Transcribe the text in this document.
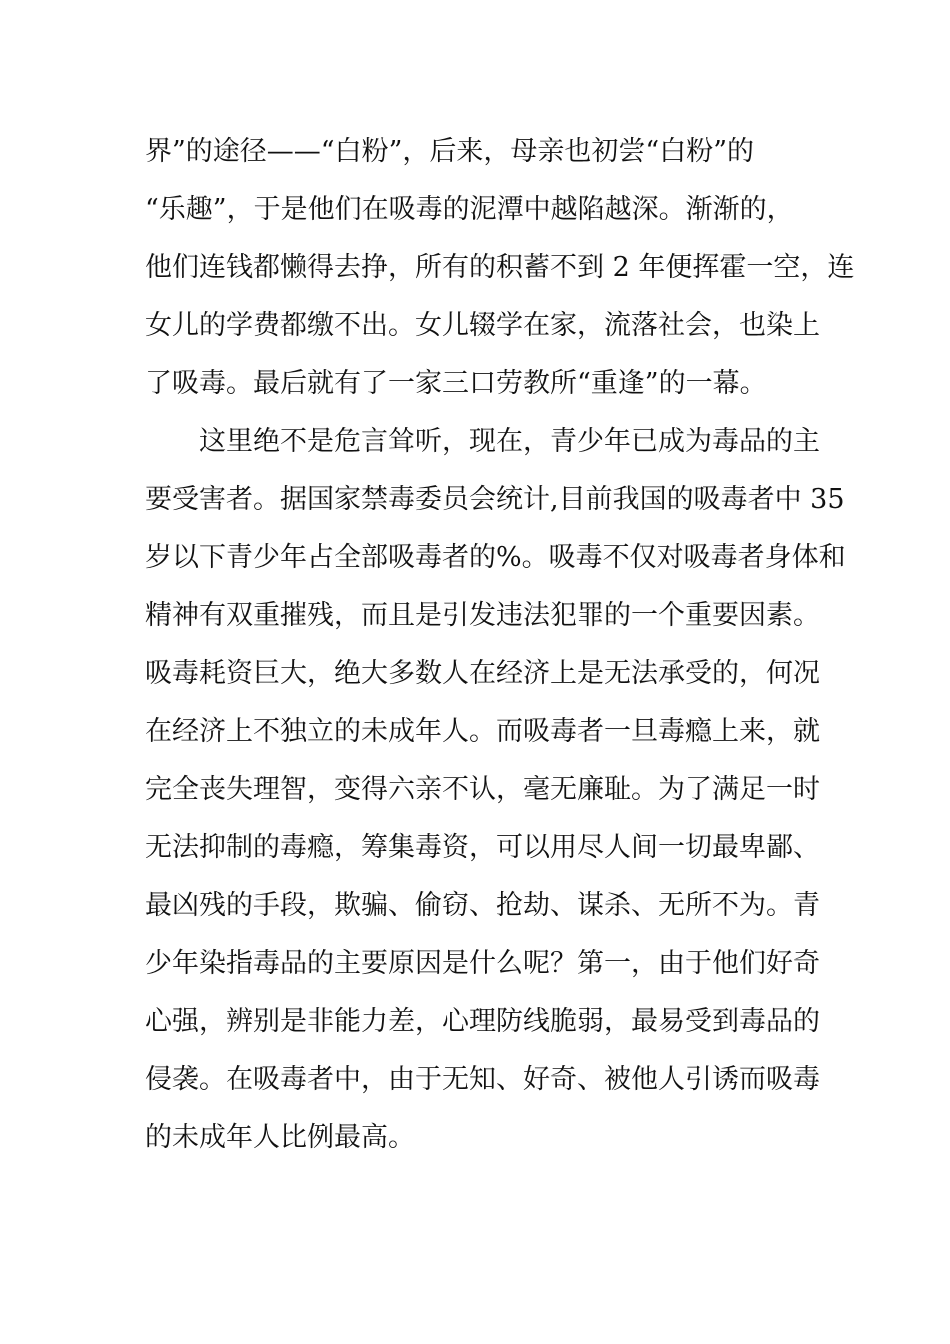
界”的途径——“白粉”，后来，母亲也初尝“白粉”的
“乐趣”，于是他们在吸毒的泥潭中越陷越深。渐渐的，
他们连钱都懒得去挣，所有的积蓄不到 2 年便挥霍一空，连
女儿的学费都缴不出。女儿辍学在家，流落社会，也染上
了吸毒。最后就有了一家三口劳教所“重逢”的一幕。
这里绝不是危言耸听，现在，青少年已成为毒品的主
要受害者。据国家禁毒委员会统计,目前我国的吸毒者中 35
岁以下青少年占全部吸毒者的%。吸毒不仅对吸毒者身体和
精神有双重摧残，而且是引发违法犯罪的一个重要因素。
吸毒耗资巨大，绝大多数人在经济上是无法承受的，何况
在经济上不独立的未成年人。而吸毒者一旦毒瘾上来，就
完全丧失理智，变得六亲不认，毫无廉耻。为了满足一时
无法抑制的毒瘾，筹集毒资，可以用尽人间一切最卑鄙、
最凶残的手段，欺骗、偷窃、抢劫、谋杀、无所不为。青
少年染指毒品的主要原因是什么呢？第一，由于他们好奇
心强，辨别是非能力差，心理防线脆弱，最易受到毒品的
侵袭。在吸毒者中，由于无知、好奇、被他人引诱而吸毒
的未成年人比例最高。
